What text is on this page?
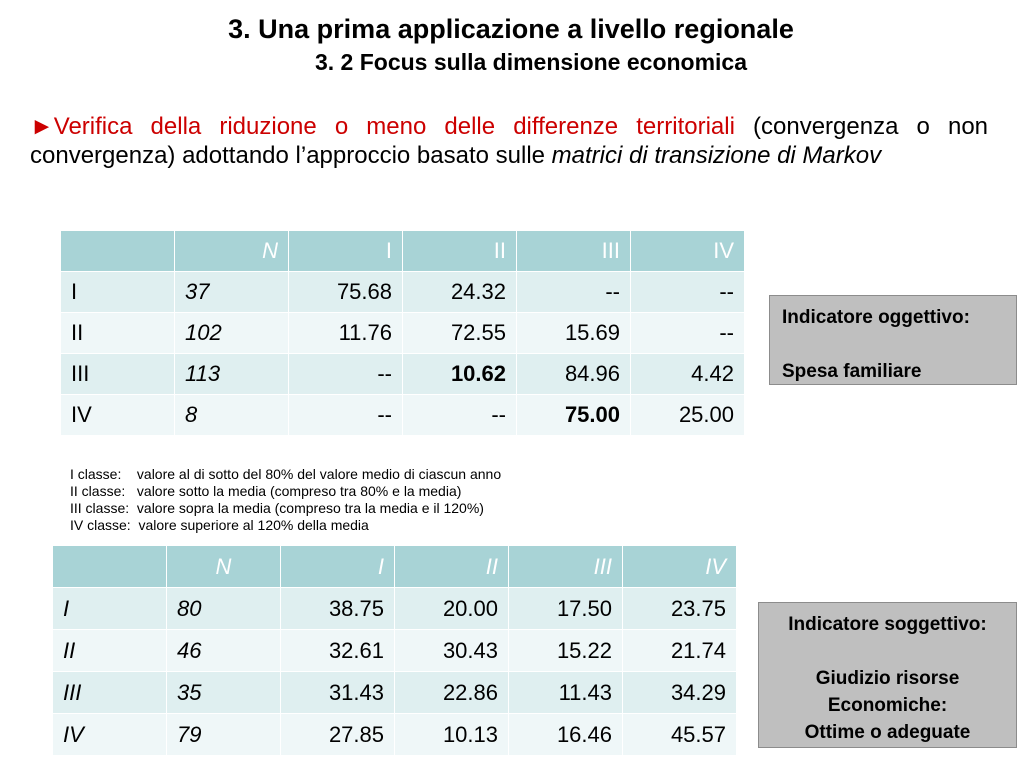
3. Una prima applicazione a livello regionale
3. 2 Focus sulla dimensione economica
►Verifica della riduzione o meno delle differenze territoriali (convergenza o non convergenza) adottando l’approccio basato sulle matrici di transizione di Markov
	N	I	II	III	IV
I	37	75.68	24.32	--	--
II	102	11.76	72.55	15.69	--
III	113	--	10.62	84.96	4.42
IV	8	--	--	75.00	25.00
I classe:    valore al di sotto del 80% del valore medio di ciascun anno
II classe:   valore sotto la media (compreso tra 80% e la media)
III classe:  valore sopra la media (compreso tra la media e il 120%)
IV classe:  valore superiore al 120% della media
	N	I	II	III	IV
I	80	38.75	20.00	17.50	23.75
II	46	32.61	30.43	15.22	21.74
III	35	31.43	22.86	11.43	34.29
IV	79	27.85	10.13	16.46	45.57
Indicatore oggettivo:
Spesa familiare
Indicatore soggettivo:
Giudizio risorse
Economiche:
Ottime o adeguate
